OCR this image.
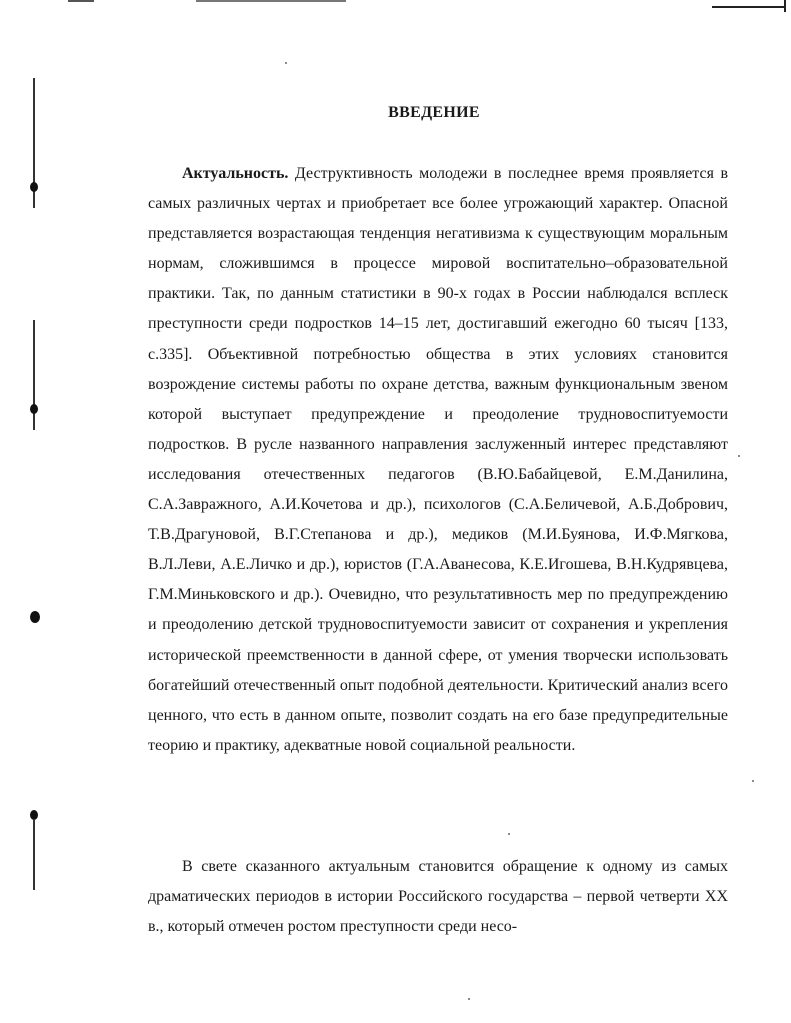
ВВЕДЕНИЕ

Актуальность. Деструктивность молодежи в последнее время проявляется в самых различных чертах и приобретает все более угрожающий характер. Опасной представляется возрастающая тенденция негативизма к существующим моральным нормам, сложившимся в процессе мировой воспитательно–образовательной практики. Так, по данным статистики в 90-х годах в России наблюдался всплеск преступности среди подростков 14–15 лет, достигавший ежегодно 60 тысяч [133, с.335]. Объективной потребностью общества в этих условиях становится возрождение системы работы по охране детства, важным функциональным звеном которой выступает предупреждение и преодоление трудновоспитуемости подростков. В русле названного направления заслуженный интерес представляют исследования отечественных педагогов (В.Ю.Бабайцевой, Е.М.Данилина, С.А.Завражного, А.И.Кочетова и др.), психологов (С.А.Беличевой, А.Б.Добрович, Т.В.Драгуновой, В.Г.Степанова и др.), медиков (М.И.Буянова, И.Ф.Мягкова, В.Л.Леви, А.Е.Личко и др.), юристов (Г.А.Аванесова, К.Е.Игошева, В.Н.Кудрявцева, Г.М.Миньковского и др.). Очевидно, что результативность мер по предупреждению и преодолению детской трудновоспитуемости зависит от сохранения и укрепления исторической преемственности в данной сфере, от умения творчески использовать богатейший отечественный опыт подобной деятельности. Критический анализ всего ценного, что есть в данном опыте, позволит создать на его базе предупредительные теорию и практику, адекватные новой социальной реальности.

В свете сказанного актуальным становится обращение к одному из самых драматических периодов в истории Российского государства – первой четверти XX в., который отмечен ростом преступности среди несо-
